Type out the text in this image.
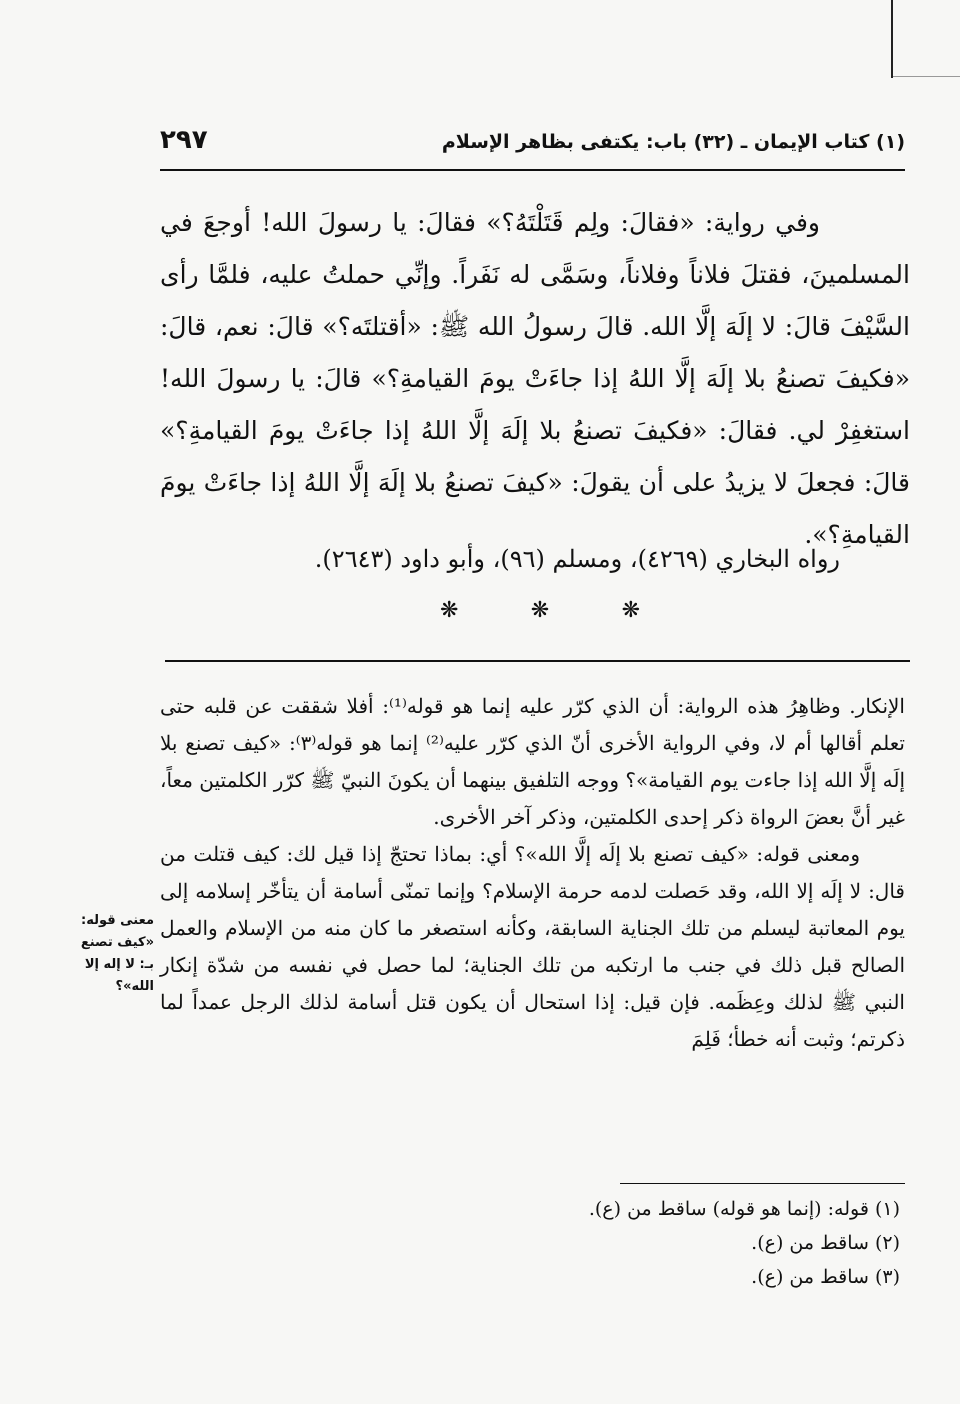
(١) كتاب الإيمان ـ (٣٢) باب: يكتفى بظاهر الإسلام
٢٩٧

وفي رواية: «فقالَ: ولِم قَتَلْتَهُ؟» فقالَ: يا رسولَ الله! أوجعَ في المسلمينَ، فقتلَ فلاناً وفلاناً، وسَمَّى له نَفَراً. وإنِّي حملتُ عليه، فلمَّا رأى السَّيْفَ قالَ: لا إلَهَ إلَّا الله. قالَ رسولُ الله ﷺ: «أقتلتَه؟» قالَ: نعم، قالَ: «فكيفَ تصنعُ بلا إلَهَ إلَّا اللهُ إذا جاءَتْ يومَ القيامةِ؟» قالَ: يا رسولَ الله! استغفِرْ لي. فقالَ: «فكيفَ تصنعُ بلا إلَهَ إلَّا اللهُ إذا جاءَتْ يومَ القيامةِ؟» قالَ: فجعلَ لا يزيدُ على أن يقولَ: «كيفَ تصنعُ بلا إلَهَ إلَّا اللهُ إذا جاءَتْ يومَ القيامةِ؟».

رواه البخاري (٤٢٦٩)، ومسلم (٩٦)، وأبو داود (٢٦٤٣).
❋	❋	❋

الإنكار. وظاهِرُ هذه الرواية: أن الذي كرّر عليه إنما هو قوله⁽¹⁾: أفلا شققت عن قلبه حتى تعلم أقالها أم لا، وفي الرواية الأخرى أنّ الذي كرّر عليه⁽²⁾ إنما هو قوله⁽٣⁾: «كيف تصنع بلا إلَه إلَّا الله إذا جاءت يوم القيامة»؟ ووجه التلفيق بينهما أن يكونَ النبيّ ﷺ كرّر الكلمتين معاً، غير أنَّ بعضَ الرواة ذكر إحدى الكلمتين، وذكر آخر الأخرى.

ومعنى قوله: «كيف تصنع بلا إلَه إلَّا الله»؟ أي: بماذا تحتجّ إذا قيل لك: كيف قتلت من قال: لا إلَه إلا الله، وقد حَصلت لدمه حرمة الإسلام؟ وإنما تمنّى أسامة أن يتأخّر إسلامه إلى يوم المعاتبة ليسلم من تلك الجناية السابقة، وكأنه استصغر ما كان منه من الإسلام والعمل الصالح قبل ذلك في جنب ما ارتكبه من تلك الجناية؛ لما حصل في نفسه من شدّة إنكار النبي ﷺ لذلك وعِظَمه. فإن قيل: إذا استحال أن يكون قتل أسامة لذلك الرجل عمداً لما ذكرتم؛ وثبت أنه خطأ؛ فَلِمَ

معنى قوله: «كيف تصنع بـ: لا إله إلا الله»؟
(١) قوله: (إنما هو قوله) ساقط من (ع).
(٢) ساقط من (ع).
(٣) ساقط من (ع).
